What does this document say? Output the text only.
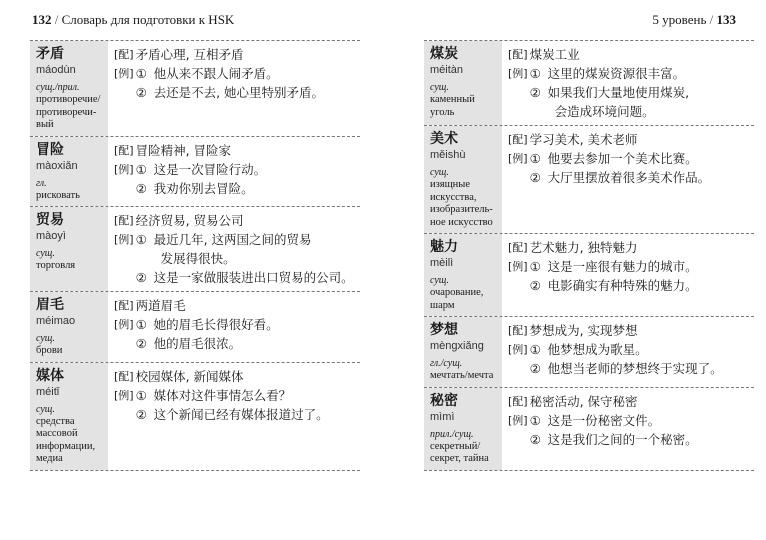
132 / Словарь для подготовки к HSK	5 уровень / 133
矛盾
máodùn
сущ./прил.
противоречие/ противоречивый
[配] 矛盾心理, 互相矛盾
[例] ① 他从来不跟人闹矛盾。
② 去还是不去, 她心里特别矛盾。
冒险
màoxiǎn
гл.
рисковать
[配] 冒险精神, 冒险家
[例] ① 这是一次冒险行动。
② 我劝你别去冒险。
贸易
màoyì
сущ.
торговля
[配] 经济贸易, 贸易公司
[例] ① 最近几年, 这两国之间的贸易
发展得很快。
② 这是一家做服装进出口贸易的公司。
眉毛
méimao
сущ.
брови
[配] 两道眉毛
[例] ① 她的眉毛长得很好看。
② 他的眉毛很浓。
媒体
méitǐ
сущ.
средства массовой информации, медиа
[配] 校园媒体, 新闻媒体
[例] ① 媒体对这件事情怎么看？
② 这个新闻已经有媒体报道过了。
煤炭
méitàn
сущ.
каменный уголь
[配] 煤炭工业
[例] ① 这里的煤炭资源很丰富。
② 如果我们大量地使用煤炭,
会造成环境问题。
美术
měishù
сущ.
изящные искусства, изобразительное искусство
[配] 学习美术, 美术老师
[例] ① 他要去参加一个美术比赛。
② 大厅里摆放着很多美术作品。
魅力
mèilì
сущ.
очарование, шарм
[配] 艺术魅力, 独特魅力
[例] ① 这是一座很有魅力的城市。
② 电影确实有种特殊的魅力。
梦想
mèngxiǎng
гл./сущ.
мечтать/мечта
[配] 梦想成为, 实现梦想
[例] ① 他梦想成为歌星。
② 他想当老师的梦想终于实现了。
秘密
mìmì
прил./сущ.
секретный/ секрет, тайна
[配] 秘密活动, 保守秘密
[例] ① 这是一份秘密文件。
② 这是我们之间的一个秘密。
